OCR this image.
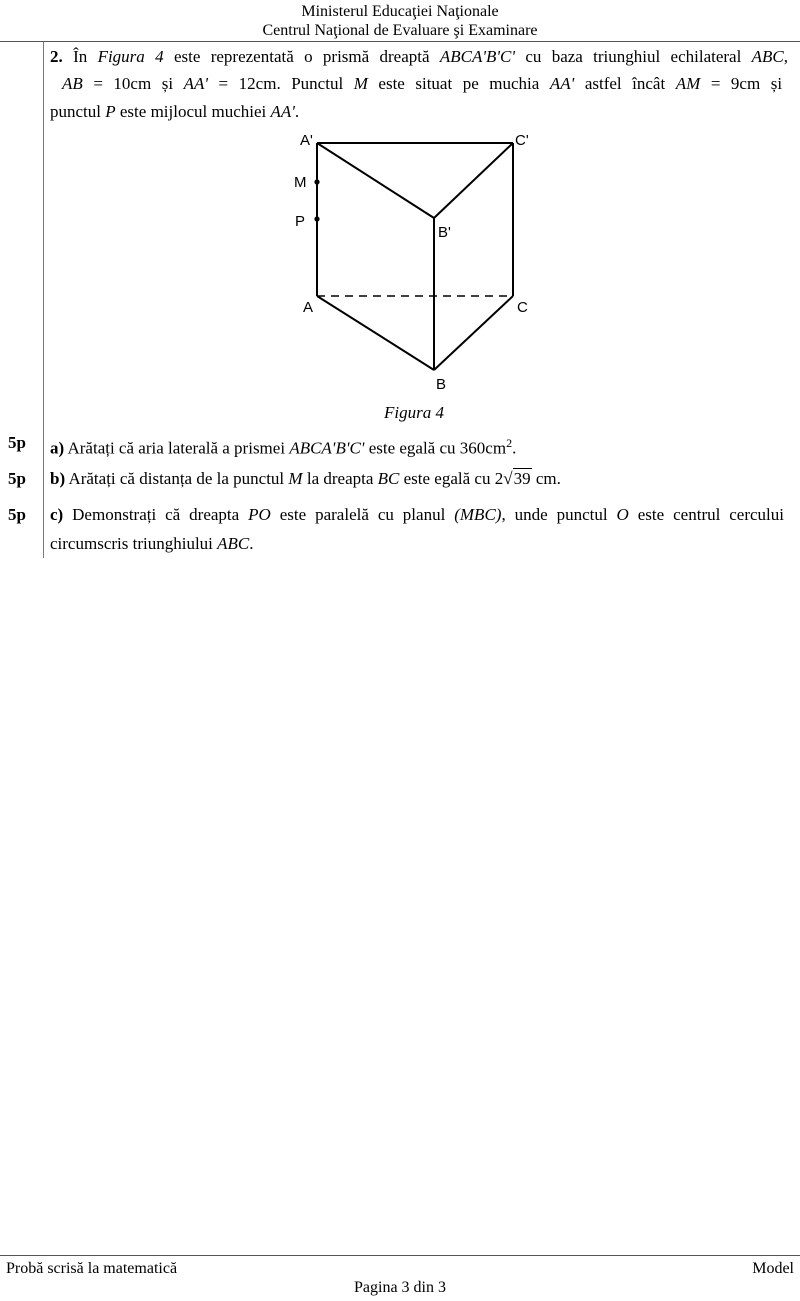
Ministerul Educaţiei Naţionale
Centrul Naţional de Evaluare şi Examinare
2. În Figura 4 este reprezentată o prismă dreaptă ABCA'B'C' cu baza triunghiul echilateral ABC,
AB = 10cm și AA' = 12cm. Punctul M este situat pe muchia AA' astfel încât AM = 9cm și
punctul P este mijlocul muchiei AA'.
A'	C'
M
P
B'
A	C
B
Figura 4
5p a) Arătați că aria laterală a prismei ABCA'B'C' este egală cu $360cm^2$.
5p b) Arătați că distanța de la punctul M la dreapta BC este egală cu 2√39 cm.
5p c) Demonstrați că dreapta PO este paralelă cu planul (MBC), unde punctul O este centrul cercului
circumscris triunghiului ABC.
Probă scrisă la matematică	Model
Pagina 3 din 3
